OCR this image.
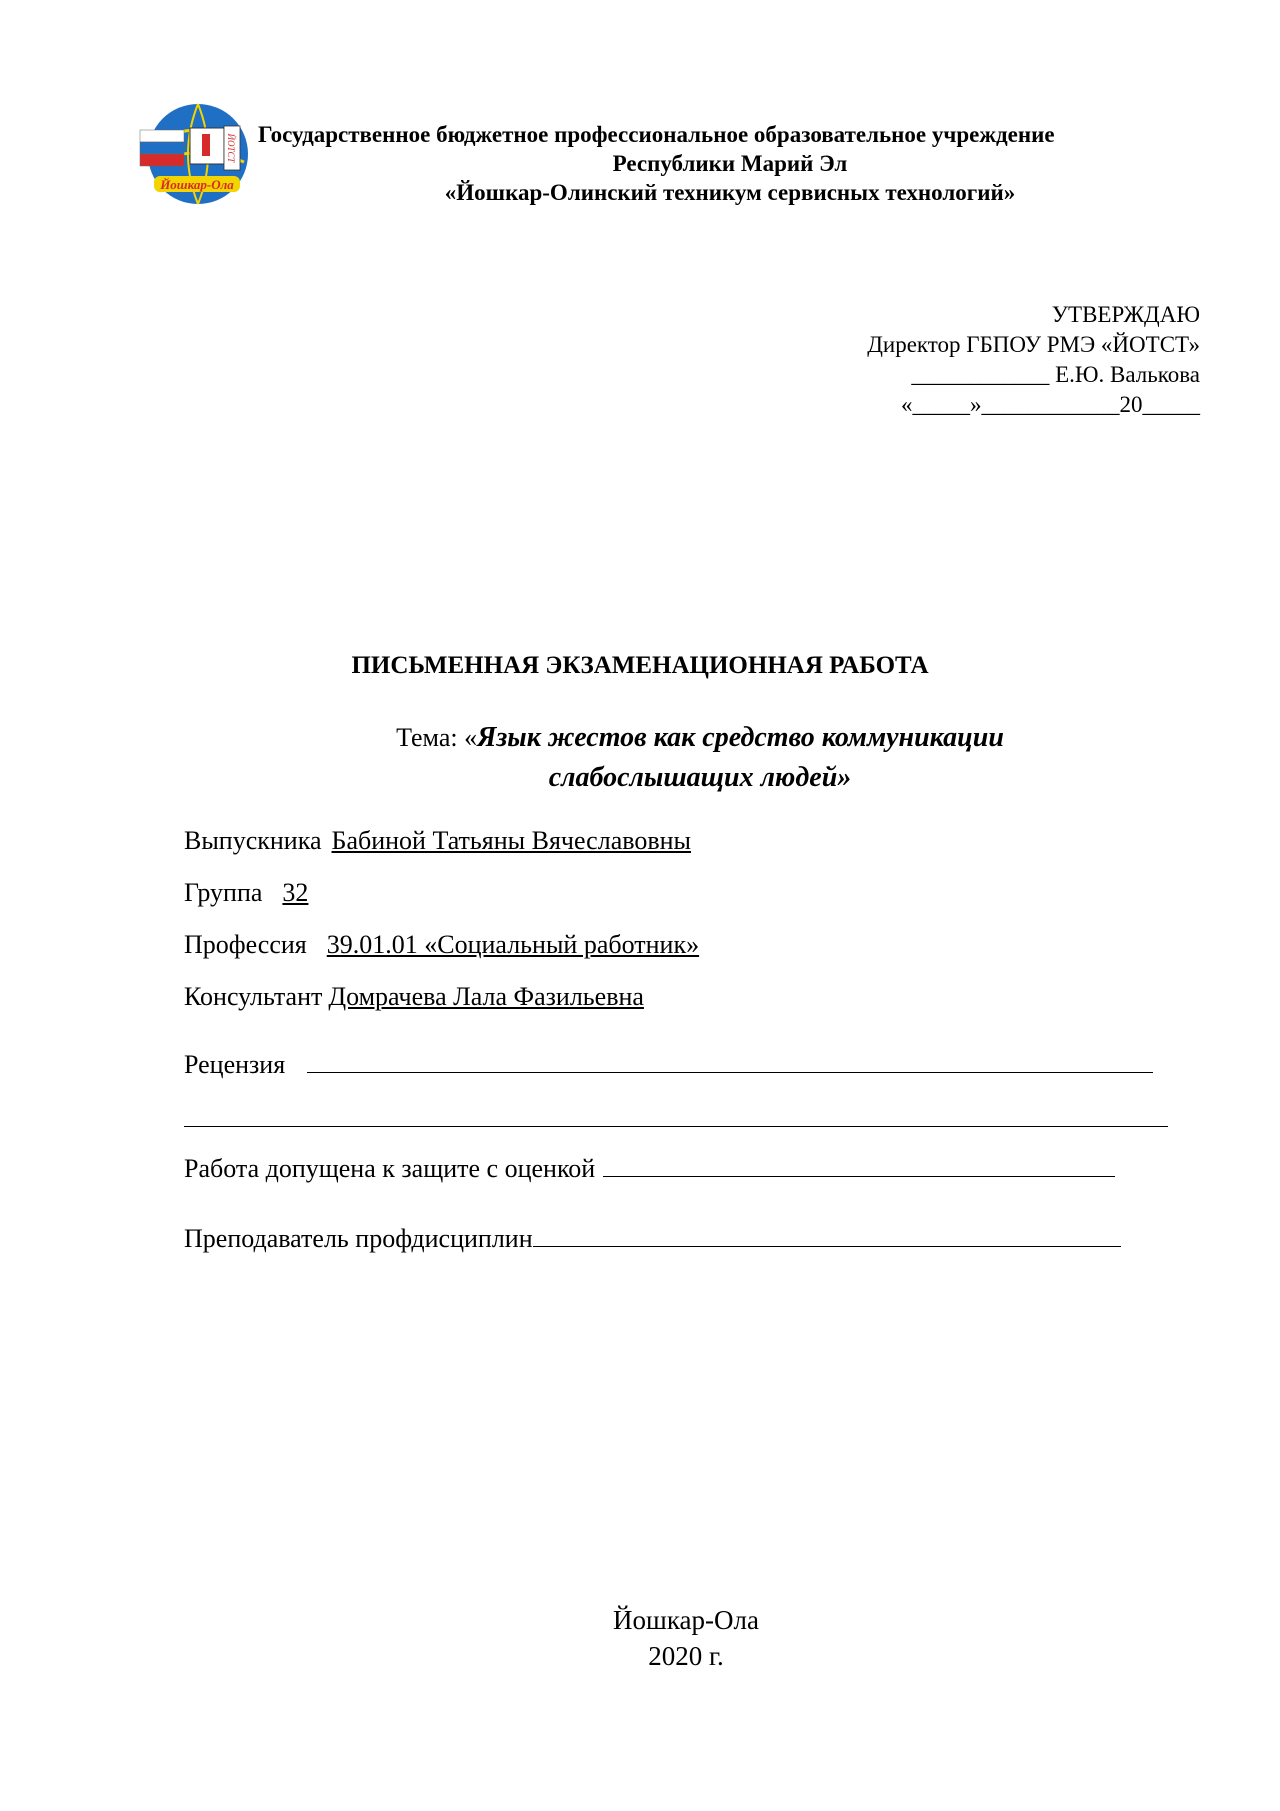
ЙОТСТ
Йошкар-Ола
Государственное бюджетное профессиональное образовательное учреждение
Республики Марий Эл
«Йошкар-Олинский техникум сервисных технологий»
УТВЕРЖДАЮ
Директор ГБПОУ РМЭ «ЙОТСТ»
____________ Е.Ю. Валькова
«_____»____________20_____
ПИСЬМЕННАЯ ЭКЗАМЕНАЦИОННАЯ РАБОТА
Тема: «Язык жестов как средство коммуникации
слабослышащих людей»
Выпускника Бабиной Татьяны Вячеславовны
Группа 32
Профессия 39.01.01 «Социальный работник»
Консультант Домрачева Лала Фазильевна
Рецензия
Работа допущена к защите с оценкой
Преподаватель профдисциплин
Йошкар-Ола
2020 г.
